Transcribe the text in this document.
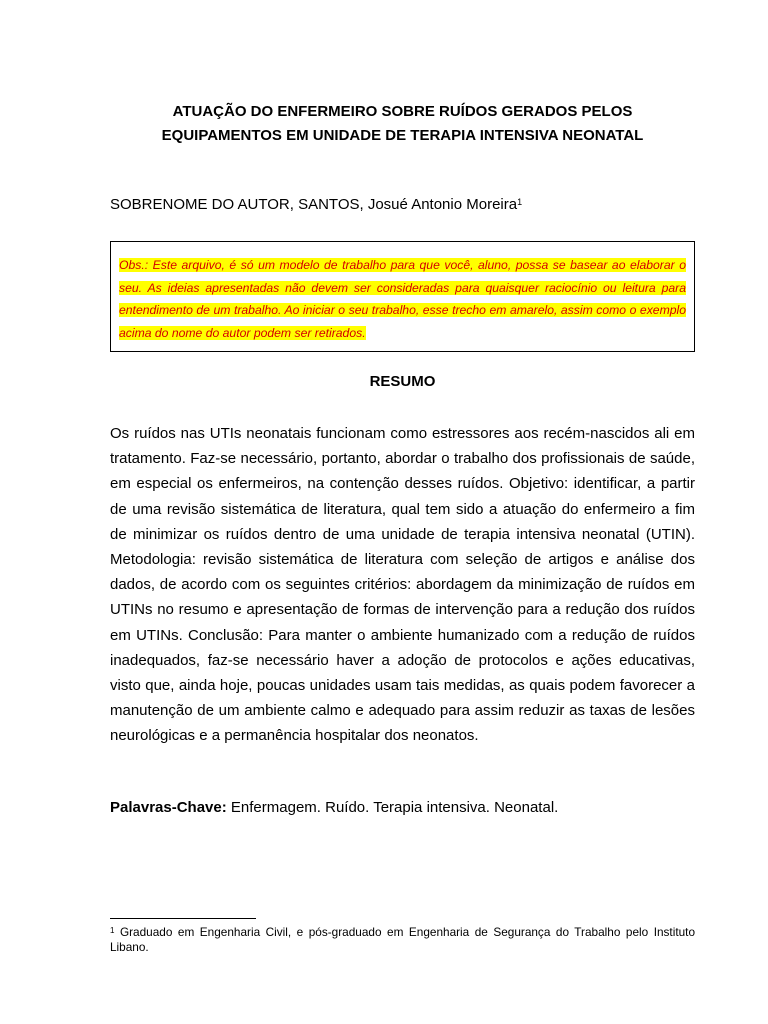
ATUAÇÃO DO ENFERMEIRO SOBRE RUÍDOS GERADOS PELOS
EQUIPAMENTOS EM UNIDADE DE TERAPIA INTENSIVA NEONATAL
SOBRENOME DO AUTOR, SANTOS, Josué Antonio Moreira$^1$
Obs.: Este arquivo, é só um modelo de trabalho para que você, aluno, possa se basear ao elaborar o seu. As ideias apresentadas não devem ser consideradas para quaisquer raciocínio ou leitura para entendimento de um trabalho. Ao iniciar o seu trabalho, esse trecho em amarelo, assim como o exemplo acima do nome do autor podem ser retirados.
RESUMO

Os ruídos nas UTIs neonatais funcionam como estressores aos recém-nascidos ali em tratamento. Faz-se necessário, portanto, abordar o trabalho dos profissionais de saúde, em especial os enfermeiros, na contenção desses ruídos. Objetivo: identificar, a partir de uma revisão sistemática de literatura, qual tem sido a atuação do enfermeiro a fim de minimizar os ruídos dentro de uma unidade de terapia intensiva neonatal (UTIN). Metodologia: revisão sistemática de literatura com seleção de artigos e análise dos dados, de acordo com os seguintes critérios: abordagem da minimização de ruídos em UTINs no resumo e apresentação de formas de intervenção para a redução dos ruídos em UTINs. Conclusão: Para manter o ambiente humanizado com a redução de ruídos inadequados, faz-se necessário haver a adoção de protocolos e ações educativas, visto que, ainda hoje, poucas unidades usam tais medidas, as quais podem favorecer a manutenção de um ambiente calmo e adequado para assim reduzir as taxas de lesões neurológicas e a permanência hospitalar dos neonatos.

Palavras-Chave: Enfermagem. Ruído. Terapia intensiva. Neonatal.
$^1$ Graduado em Engenharia Civil, e pós-graduado em Engenharia de Segurança do Trabalho pelo Instituto Libano.
